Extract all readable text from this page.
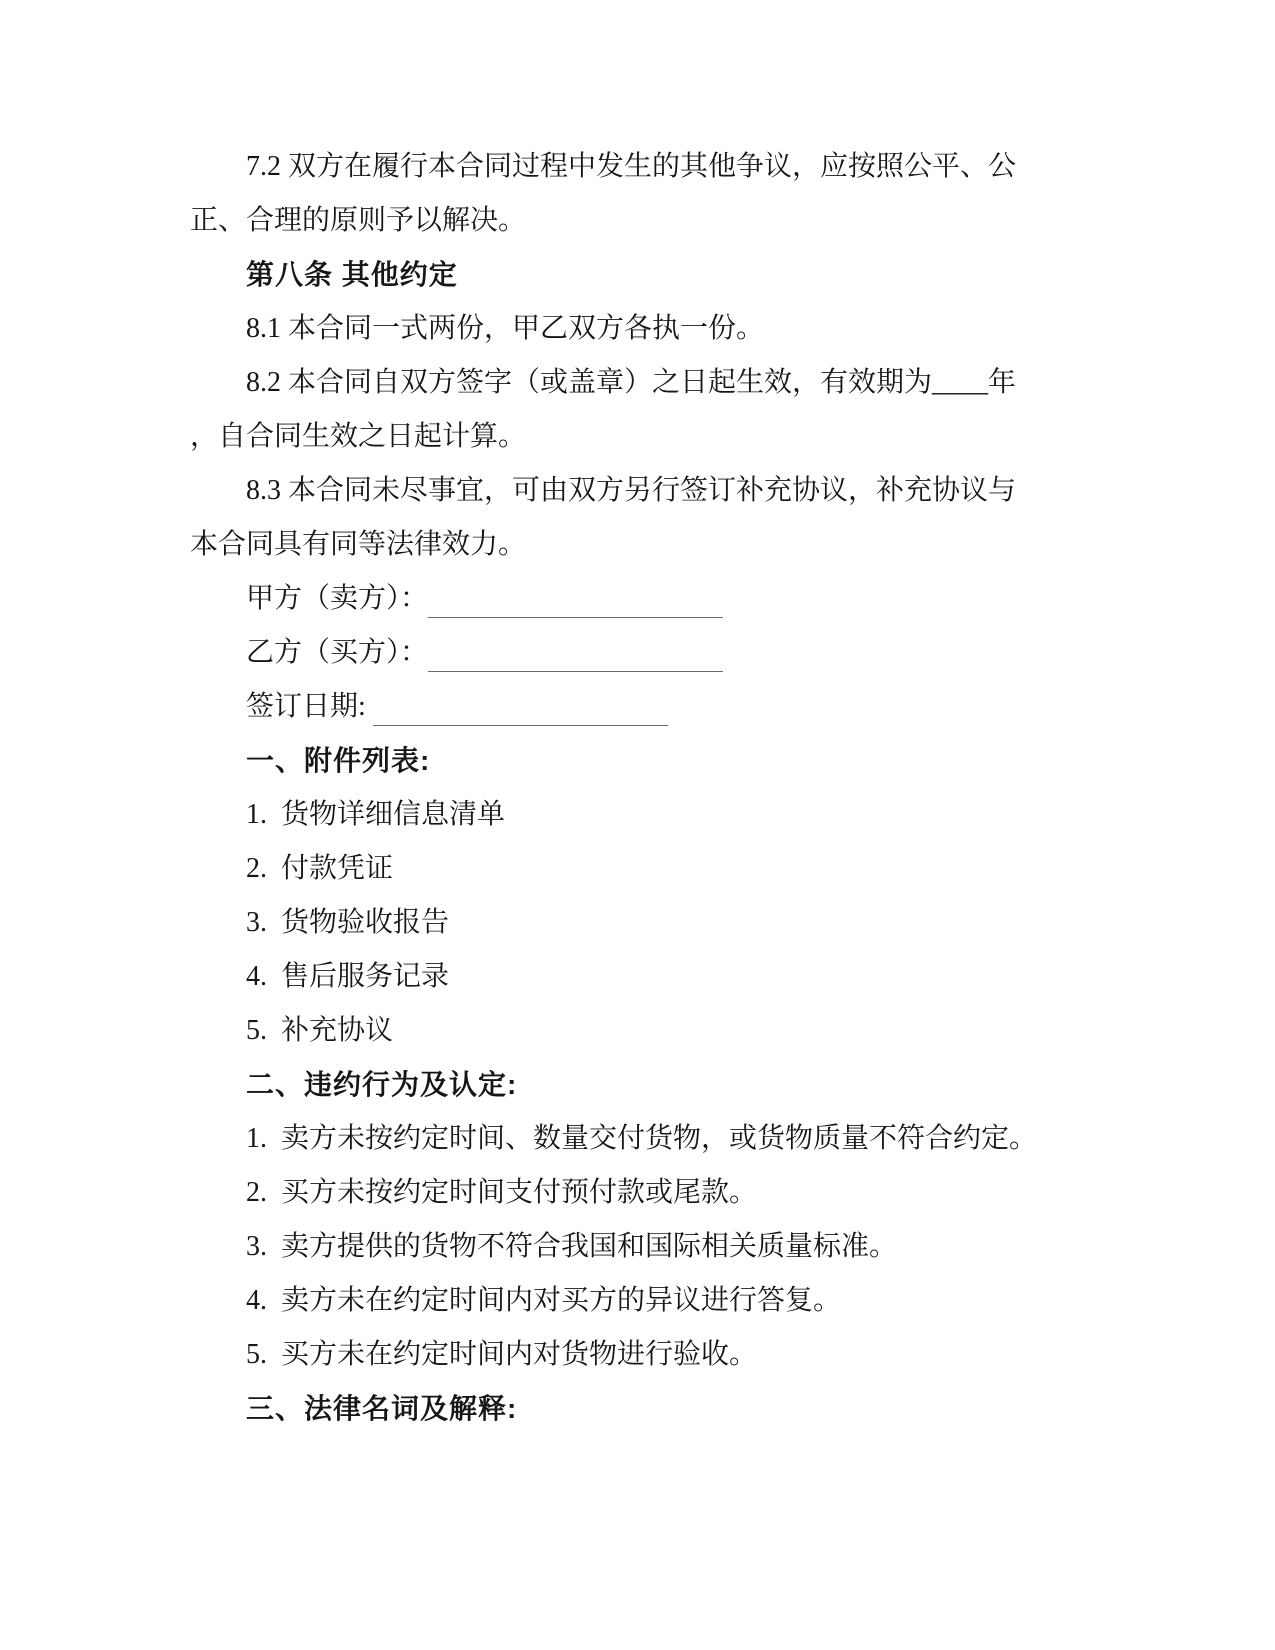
7.2 双方在履行本合同过程中发生的其他争议，应按照公平、公
正、合理的原则予以解决。
第八条 其他约定
8.1 本合同一式两份，甲乙双方各执一份。
8.2 本合同自双方签字（或盖章）之日起生效，有效期为____年
，自合同生效之日起计算。
8.3 本合同未尽事宜，可由双方另行签订补充协议，补充协议与
本合同具有同等法律效力。
甲方（卖方）：
乙方（买方）：
签订日期:
一、附件列表:
1.  货物详细信息清单
2.  付款凭证
3.  货物验收报告
4.  售后服务记录
5.  补充协议
二、违约行为及认定:
1.  卖方未按约定时间、数量交付货物，或货物质量不符合约定。
2.  买方未按约定时间支付预付款或尾款。
3.  卖方提供的货物不符合我国和国际相关质量标准。
4.  卖方未在约定时间内对买方的异议进行答复。
5.  买方未在约定时间内对货物进行验收。
三、法律名词及解释:
